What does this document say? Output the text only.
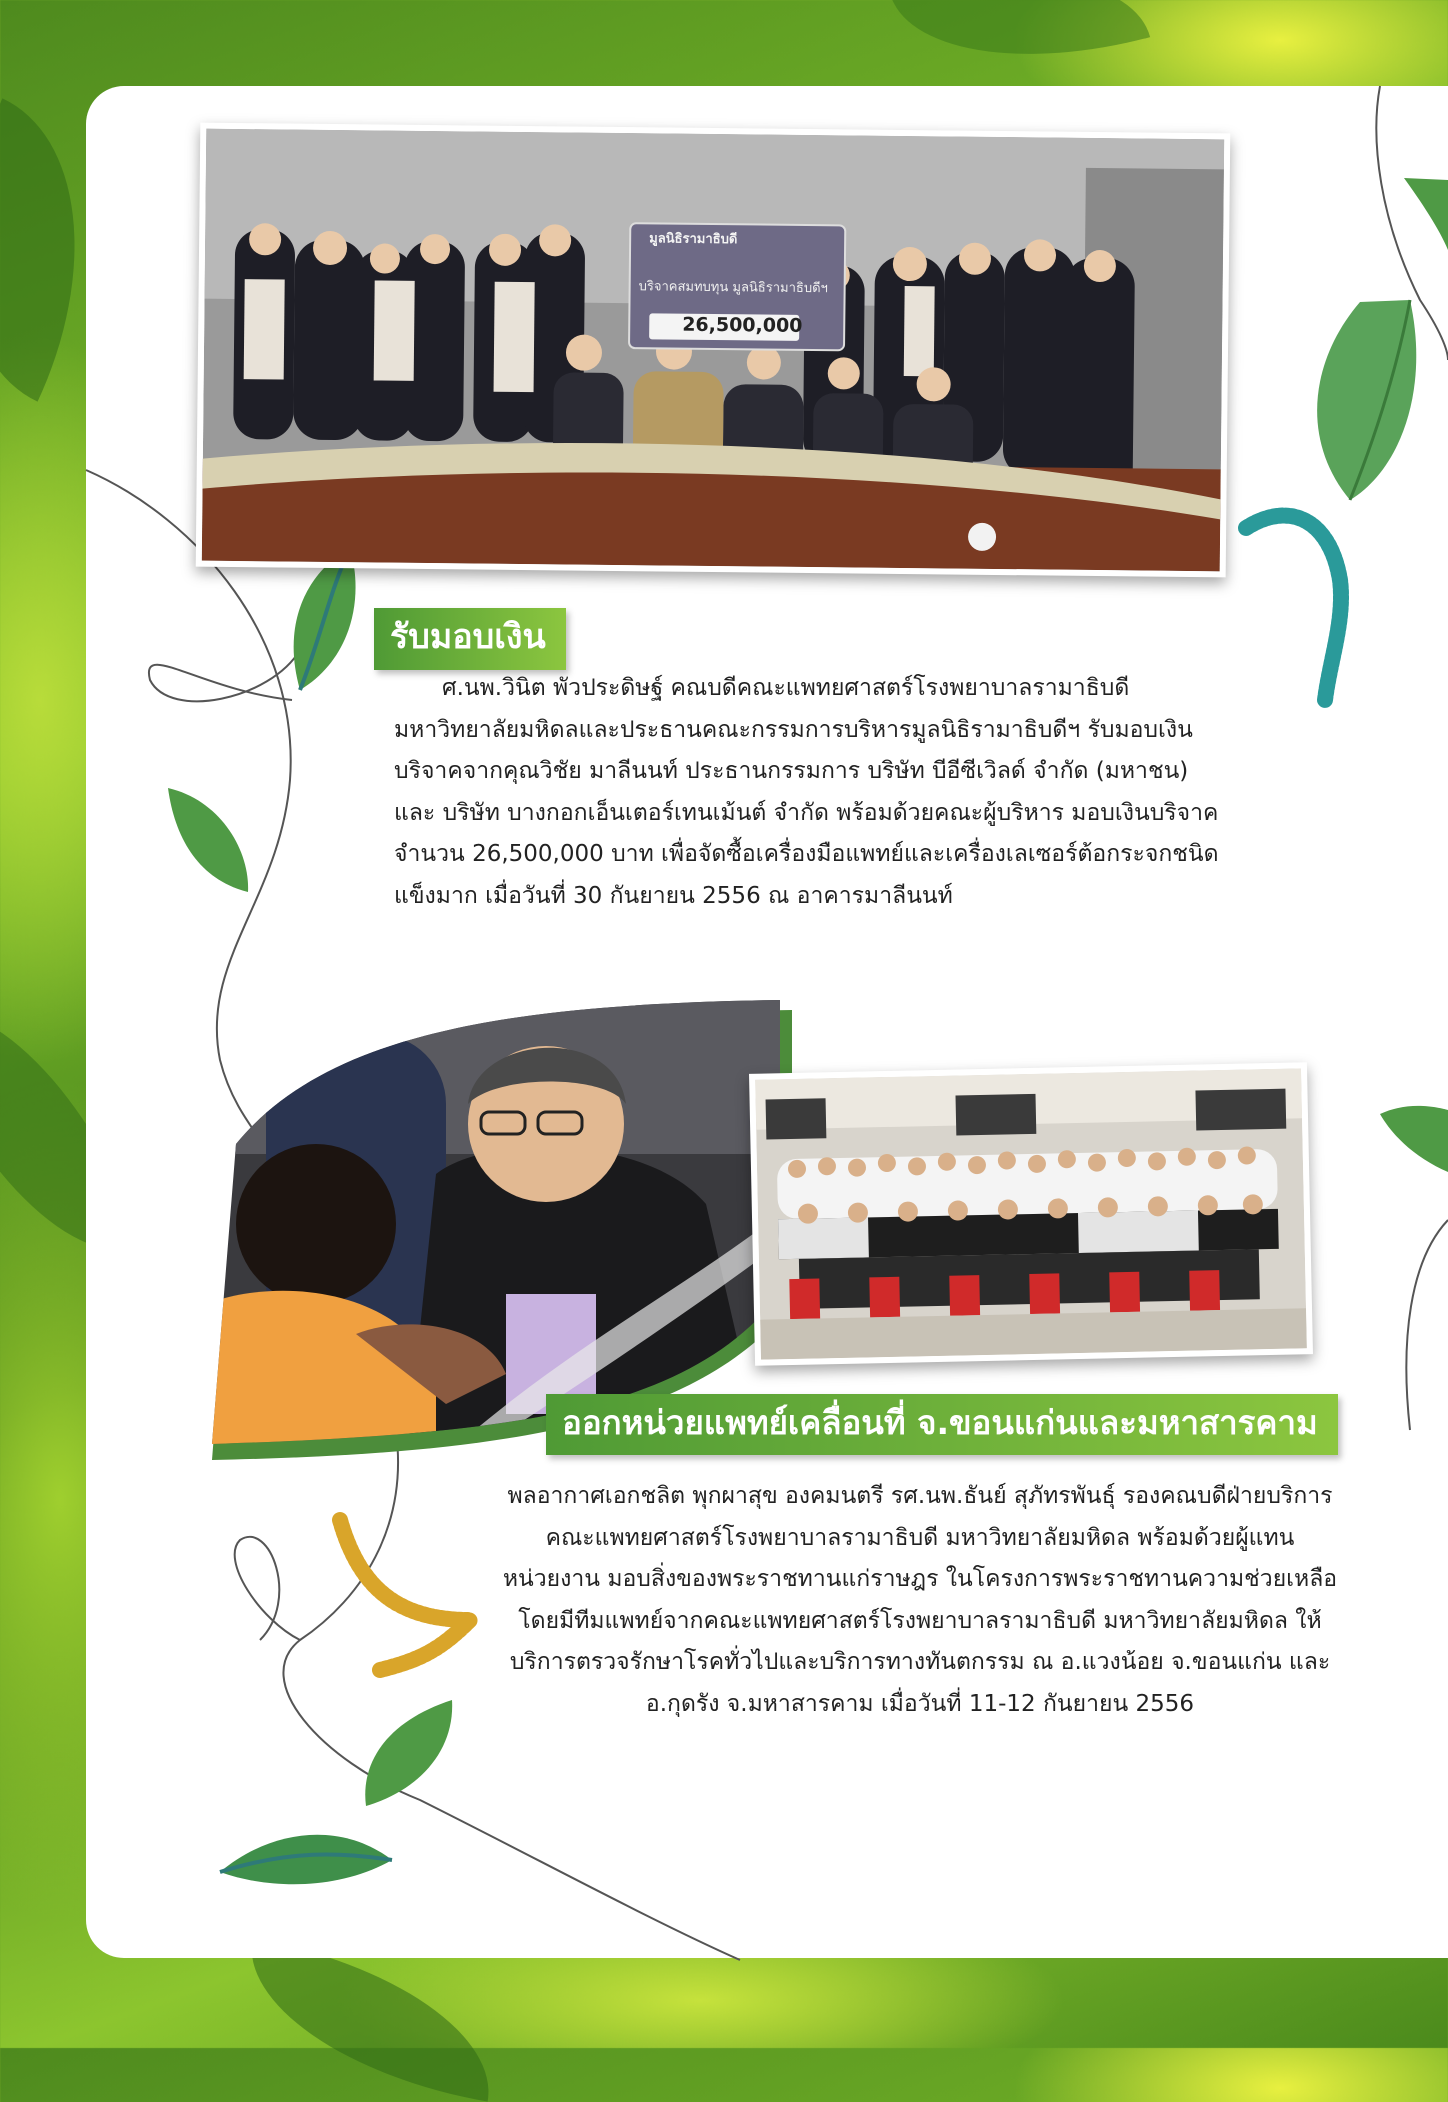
มูลนิธิรามาธิบดี
บริจาคสมทบทุน มูลนิธิรามาธิบดีฯ
26,500,000
รับมอบเงิน

ศ.นพ.วินิต พัวประดิษฐ์ คณบดีคณะแพทยศาสตร์โรงพยาบาลรามาธิบดี
มหาวิทยาลัยมหิดลและประธานคณะกรรมการบริหารมูลนิธิรามาธิบดีฯ รับมอบเงิน
บริจาคจากคุณวิชัย มาลีนนท์ ประธานกรรมการ บริษัท บีอีซีเวิลด์ จำกัด (มหาชน)
และ บริษัท บางกอกเอ็นเตอร์เทนเม้นต์ จำกัด พร้อมด้วยคณะผู้บริหาร มอบเงินบริจาค
จำนวน 26,500,000 บาท เพื่อจัดซื้อเครื่องมือแพทย์และเครื่องเลเซอร์ต้อกระจกชนิด
แข็งมาก เมื่อวันที่ 30 กันยายน 2556 ณ อาคารมาลีนนท์

ออกหน่วยแพทย์เคลื่อนที่ จ.ขอนแก่นและมหาสารคาม

พลอากาศเอกชลิต พุกผาสุข องคมนตรี รศ.นพ.ธันย์ สุภัทรพันธุ์ รองคณบดีฝ่ายบริการ
คณะแพทยศาสตร์โรงพยาบาลรามาธิบดี มหาวิทยาลัยมหิดล พร้อมด้วยผู้แทน
หน่วยงาน มอบสิ่งของพระราชทานแก่ราษฎร ในโครงการพระราชทานความช่วยเหลือ
โดยมีทีมแพทย์จากคณะแพทยศาสตร์โรงพยาบาลรามาธิบดี มหาวิทยาลัยมหิดล ให้
บริการตรวจรักษาโรคทั่วไปและบริการทางทันตกรรม ณ อ.แวงน้อย จ.ขอนแก่น และ
อ.กุดรัง จ.มหาสารคาม เมื่อวันที่ 11-12 กันยายน 2556
